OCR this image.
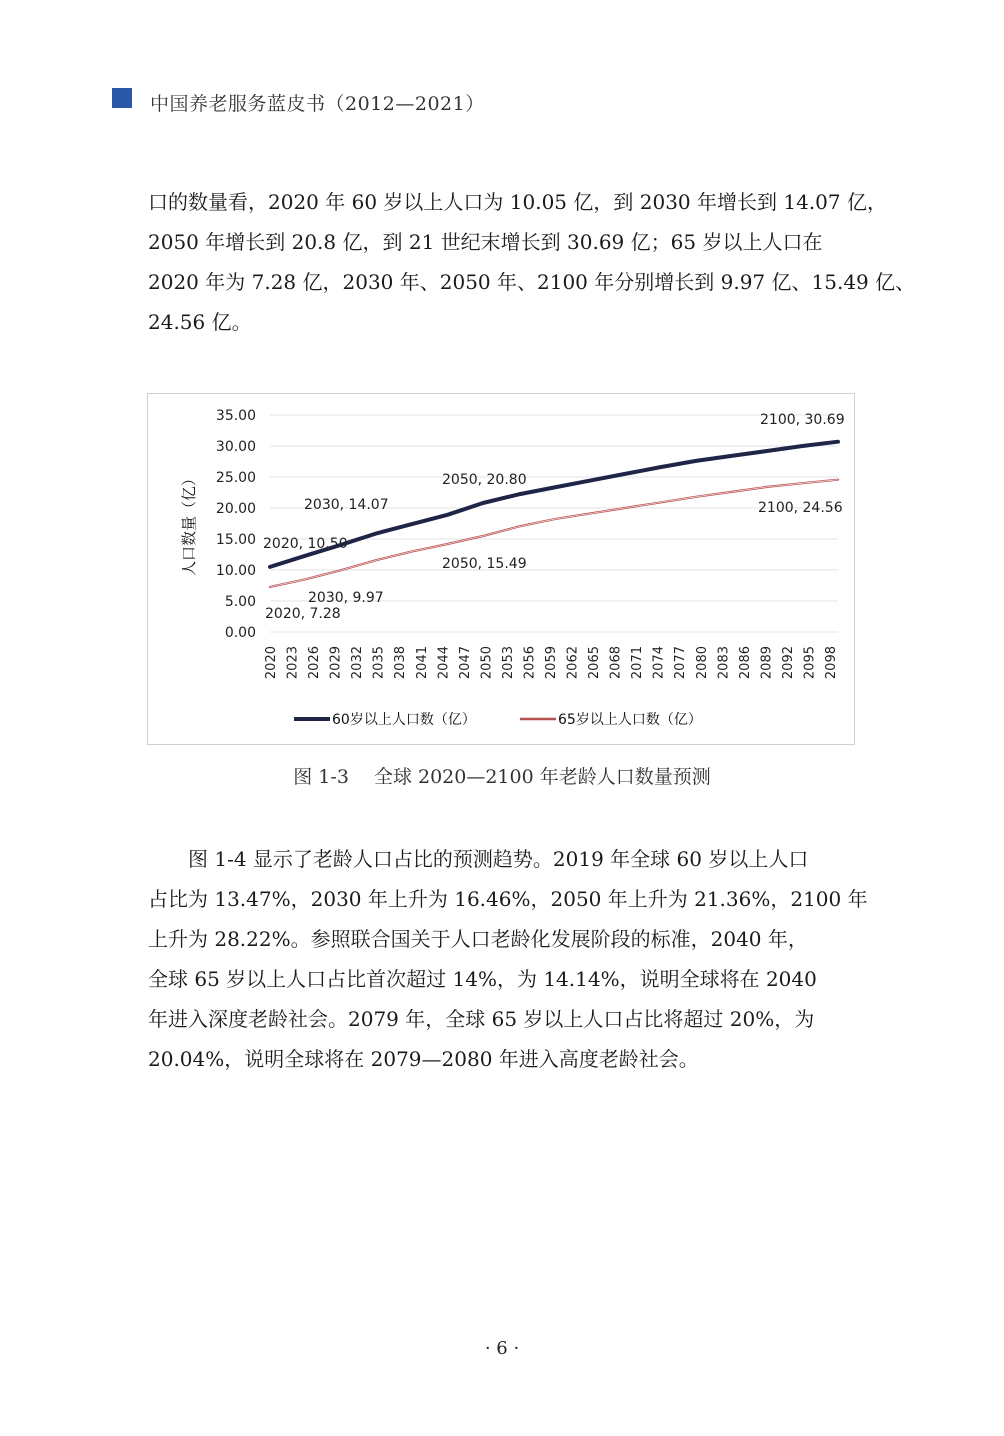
中国养老服务蓝皮书（2012—2021）
口的数量看，2020 年 60 岁以上人口为 10.05 亿，到 2030 年增长到 14.07 亿，
2050 年增长到 20.8 亿，到 21 世纪末增长到 30.69 亿；65 岁以上人口在
2020 年为 7.28 亿，2030 年、2050 年、2100 年分别增长到 9.97 亿、15.49 亿、
24.56 亿。
0.00
5.00
10.00
15.00
20.00
25.00
30.00
35.00
人口数量（亿）
2020 2023 2026 2029 2032 2035 2038 2041 2044 2047 2050 2053 2056 2059 2062 2065 2068 2071 2074 2077 2080 2083 2086 2089 2092 2095 2098
2020, 10.50
2030, 14.07
2050, 20.80
2100, 30.69
2020, 7.28
2030, 9.97
2050, 15.49
2100, 24.56
60岁以上人口数（亿）	65岁以上人口数（亿）
图 1-3　 全球 2020—2100 年老龄人口数量预测
　　图 1-4 显示了老龄人口占比的预测趋势。2019 年全球 60 岁以上人口
占比为 13.47%，2030 年上升为 16.46%，2050 年上升为 21.36%，2100 年
上升为 28.22%。参照联合国关于人口老龄化发展阶段的标准，2040 年，
全球 65 岁以上人口占比首次超过 14%，为 14.14%，说明全球将在 2040
年进入深度老龄社会。2079 年，全球 65 岁以上人口占比将超过 20%，为
20.04%，说明全球将在 2079—2080 年进入高度老龄社会。
· 6 ·
